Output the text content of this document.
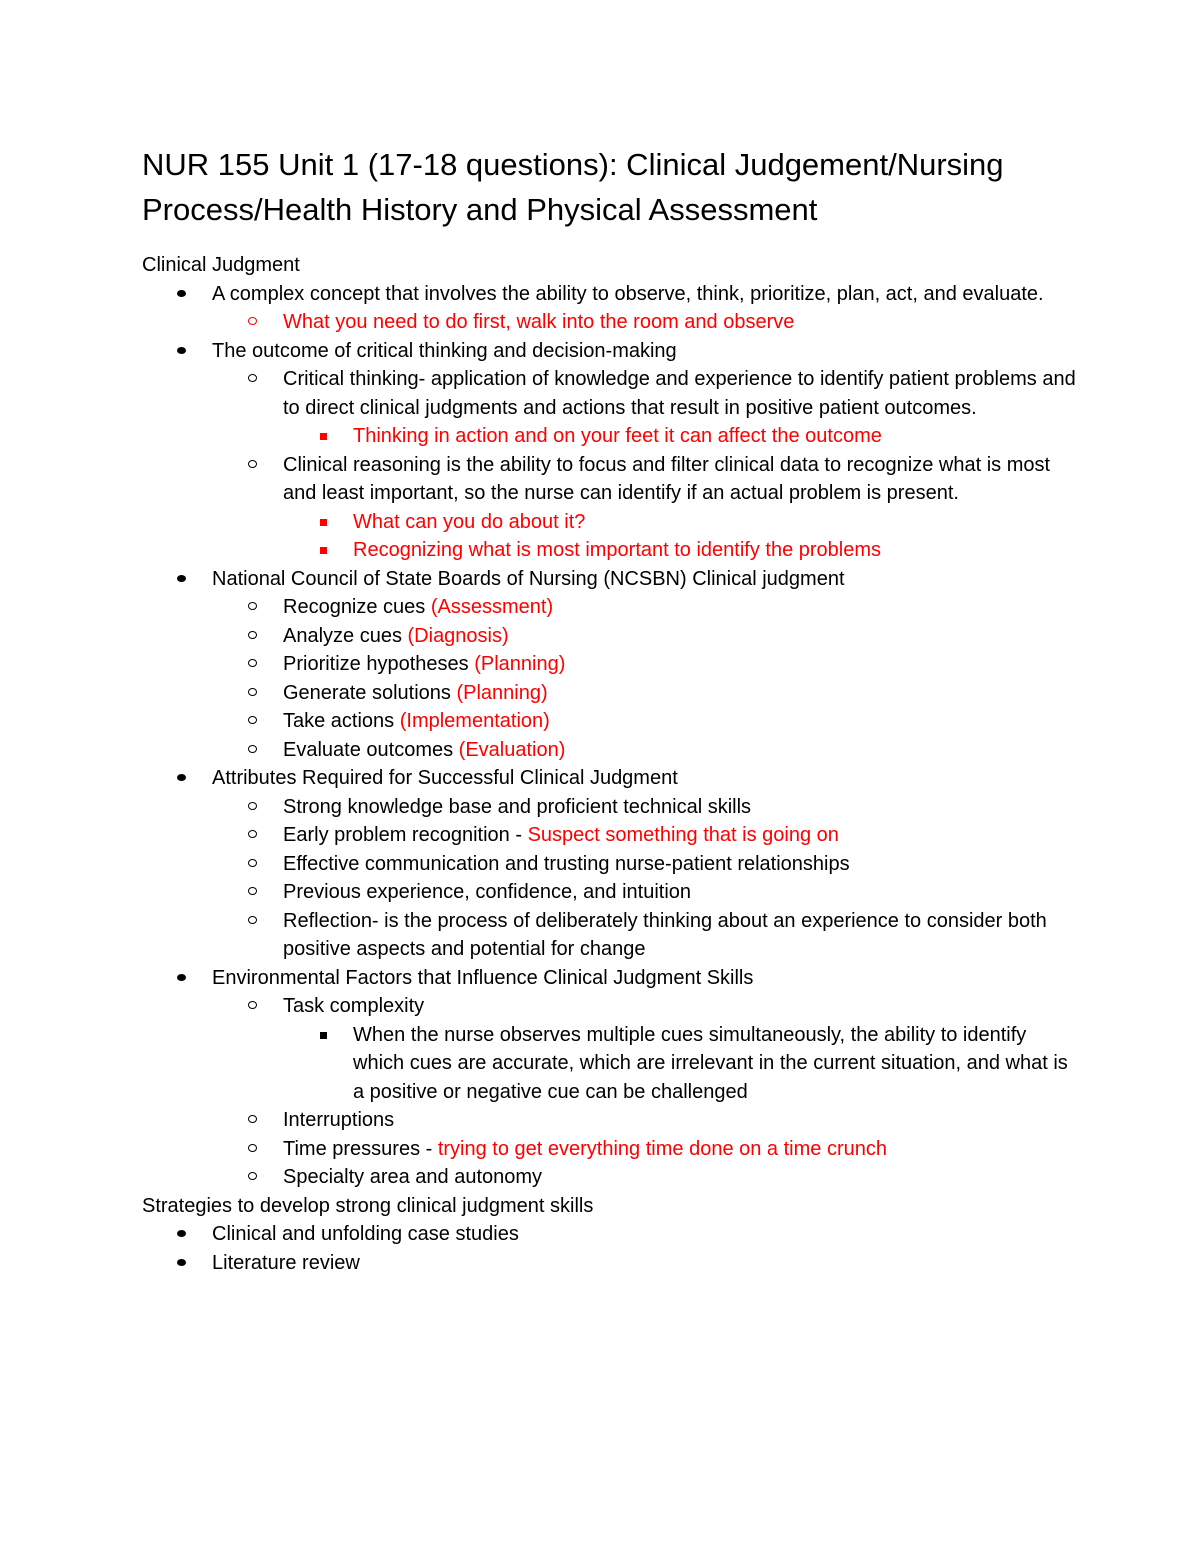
NUR 155 Unit 1 (17-18 questions): Clinical Judgement/Nursing Process/Health History and Physical Assessment
Clinical Judgment
A complex concept that involves the ability to observe, think, prioritize, plan, act, and evaluate.
What you need to do first, walk into the room and observe
The outcome of critical thinking and decision-making
Critical thinking- application of knowledge and experience to identify patient problems and to direct clinical judgments and actions that result in positive patient outcomes.
Thinking in action and on your feet it can affect the outcome
Clinical reasoning is the ability to focus and filter clinical data to recognize what is most and least important, so the nurse can identify if an actual problem is present.
What can you do about it?
Recognizing what is most important to identify the problems
National Council of State Boards of Nursing (NCSBN) Clinical judgment
Recognize cues (Assessment)
Analyze cues (Diagnosis)
Prioritize hypotheses (Planning)
Generate solutions (Planning)
Take actions (Implementation)
Evaluate outcomes (Evaluation)
Attributes Required for Successful Clinical Judgment
Strong knowledge base and proficient technical skills
Early problem recognition - Suspect something that is going on
Effective communication and trusting nurse-patient relationships
Previous experience, confidence, and intuition
Reflection- is the process of deliberately thinking about an experience to consider both positive aspects and potential for change
Environmental Factors that Influence Clinical Judgment Skills
Task complexity
When the nurse observes multiple cues simultaneously, the ability to identify which cues are accurate, which are irrelevant in the current situation, and what is a positive or negative cue can be challenged
Interruptions
Time pressures - trying to get everything time done on a time crunch
Specialty area and autonomy
Strategies to develop strong clinical judgment skills
Clinical and unfolding case studies
Literature review
